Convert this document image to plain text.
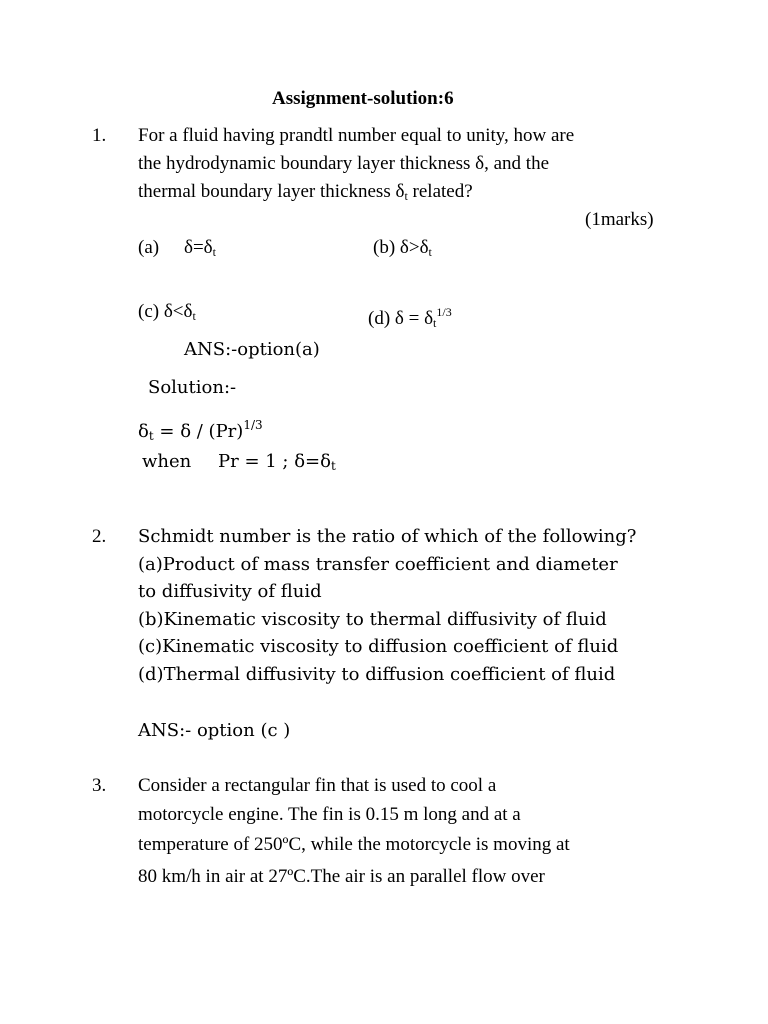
Assignment-solution:6
1. For a fluid having prandtl number equal to unity, how are
the hydrodynamic boundary layer thickness δ, and the
thermal boundary layer thickness $\delta_t$ related?
(1marks)
(a) $\delta=\delta_t$	(b) $\delta>\delta_t$
(c) $\delta<\delta_t$	(d) $\delta = \delta_t^{1/3}$
ANS:-option(a)
Solution:-
$\delta_t = \delta / (Pr)^{1/3}$
when Pr = 1 ; $\delta=\delta_t$
2. Schmidt number is the ratio of which of the following?
(a)Product of mass transfer coefficient and diameter
to diffusivity of fluid
(b)Kinematic viscosity to thermal diffusivity of fluid
(c)Kinematic viscosity to diffusion coefficient of fluid
(d)Thermal diffusivity to diffusion coefficient of fluid
ANS:- option (c )
3. Consider a rectangular fin that is used to cool a
motorcycle engine. The fin is 0.15 m long and at a
temperature of 250ºC, while the motorcycle is moving at
80 km/h in air at 27ºC.The air is an parallel flow over
